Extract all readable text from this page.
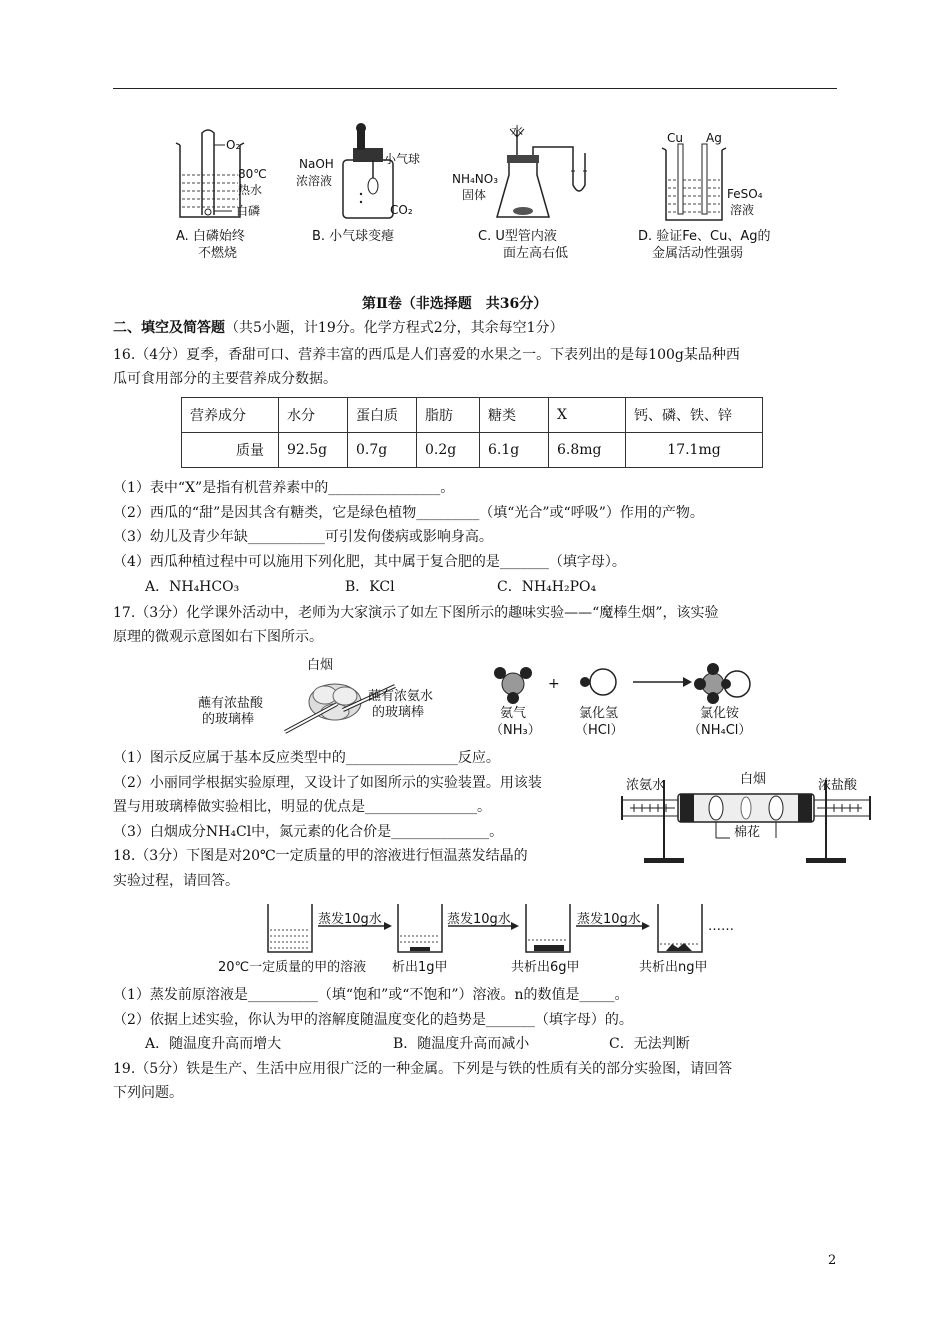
O₂
80℃
热水
白磷
A. 白磷始终
不燃烧
NaOH
浓溶液
小气球
CO₂
B. 小气球变瘪
水
NH₄NO₃
固体
C. U型管内液
面左高右低
Cu Ag
FeSO₄
溶液
D. 验证Fe、Cu、Ag的
金属活动性强弱
第Ⅱ卷（非选择题　共36分）
二、填空及简答题（共5小题，计19分。化学方程式2分，其余每空1分）
16.（4分）夏季，香甜可口、营养丰富的西瓜是人们喜爱的水果之一。下表列出的是每100g某品种西
瓜可食用部分的主要营养成分数据。
营养成分	水分	蛋白质	脂肪	糖类	X	钙、磷、铁、锌
质量	92.5g	0.7g	0.2g	6.1g	6.8mg	17.1mg
（1）表中“X”是指有机营养素中的________________。
（2）西瓜的“甜”是因其含有糖类，它是绿色植物_________（填“光合”或“呼吸”）作用的产物。
（3）幼儿及青少年缺___________可引发佝偻病或影响身高。
（4）西瓜种植过程中可以施用下列化肥，其中属于复合肥的是_______（填字母）。
A．NH₄HCO₃	B．KCl	C．NH₄H₂PO₄
17.（3分）化学课外活动中，老师为大家演示了如左下图所示的趣味实验——“魔棒生烟”，该实验
原理的微观示意图如右下图所示。
白烟
蘸有浓盐酸
的玻璃棒
蘸有浓氨水
的玻璃棒
+
氨气
（NH₃）
氯化氢
（HCl）
氯化铵
（NH₄Cl）
（1）图示反应属于基本反应类型中的________________反应。
（2）小丽同学根据实验原理，又设计了如图所示的实验装置。用该装
置与用玻璃棒做实验相比，明显的优点是________________。
（3）白烟成分NH₄Cl中，氮元素的化合价是______________。
浓氨水	白烟	浓盐酸
棉花
18.（3分）下图是对20℃一定质量的甲的溶液进行恒温蒸发结晶的
实验过程，请回答。
蒸发10g水	蒸发10g水	蒸发10g水	……
20℃一定质量的甲的溶液 析出1g甲	共析出6g甲	共析出ng甲
（1）蒸发前原溶液是__________（填“饱和”或“不饱和”）溶液。n的数值是_____。
（2）依据上述实验，你认为甲的溶解度随温度变化的趋势是_______（填字母）的。
A．随温度升高而增大	B．随温度升高而减小	C．无法判断
19.（5分）铁是生产、生活中应用很广泛的一种金属。下列是与铁的性质有关的部分实验图，请回答
下列问题。
2
